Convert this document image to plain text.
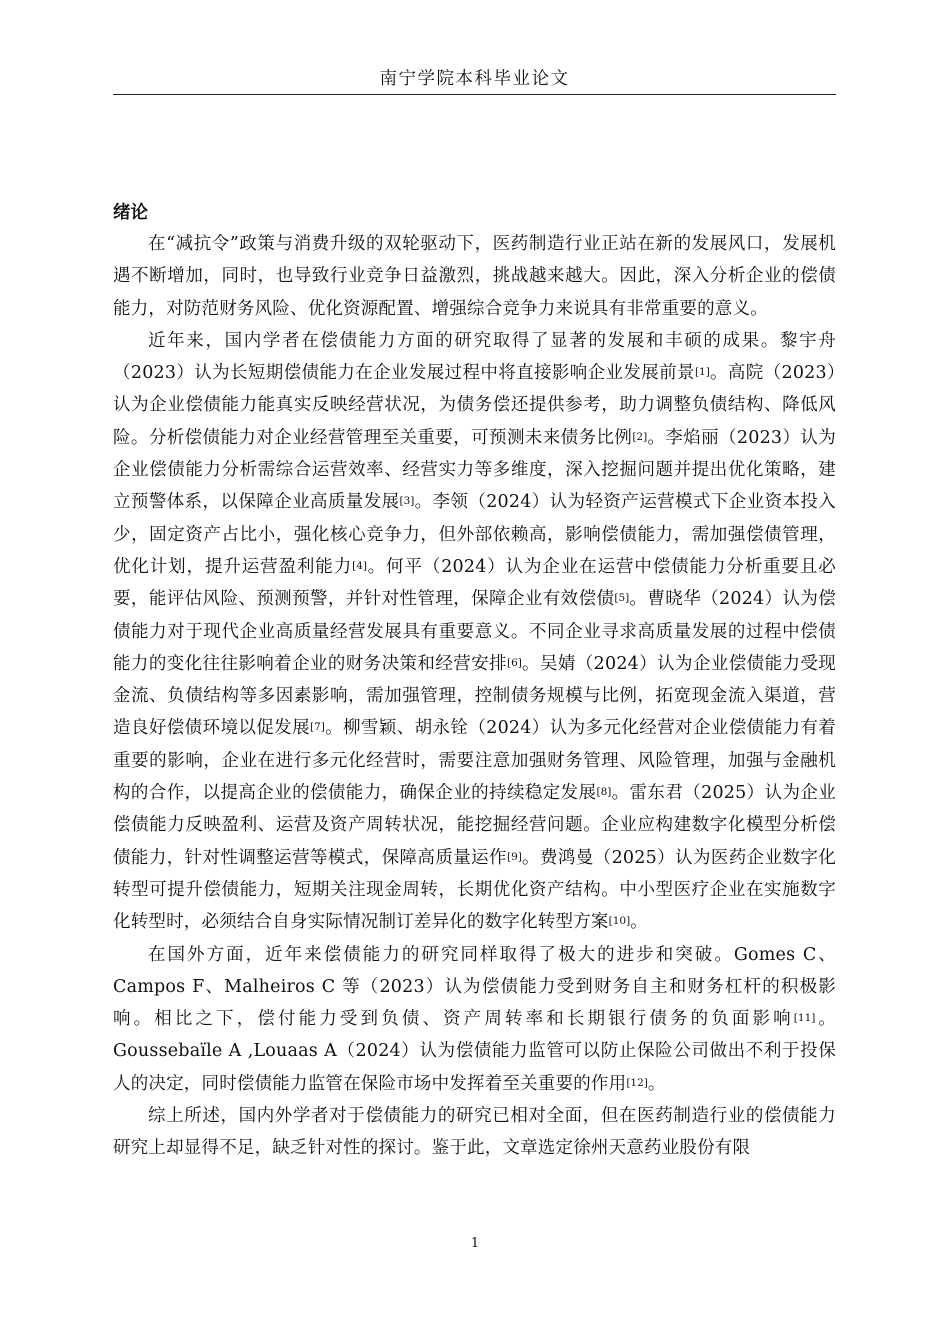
南宁学院本科毕业论文
绪论

在“减抗令”政策与消费升级的双轮驱动下，医药制造行业正站在新的发展风口，发展机遇不断增加，同时，也导致行业竞争日益激烈，挑战越来越大。因此，深入分析企业的偿债能力，对防范财务风险、优化资源配置、增强综合竞争力来说具有非常重要的意义。

近年来，国内学者在偿债能力方面的研究取得了显著的发展和丰硕的成果。黎宇舟（2023）认为长短期偿债能力在企业发展过程中将直接影响企业发展前景[1]。高院（2023）认为企业偿债能力能真实反映经营状况，为债务偿还提供参考，助力调整负债结构、降低风险。分析偿债能力对企业经营管理至关重要，可预测未来债务比例[2]。李焰丽（2023）认为企业偿债能力分析需综合运营效率、经营实力等多维度，深入挖掘问题并提出优化策略，建立预警体系，以保障企业高质量发展[3]。李领（2024）认为轻资产运营模式下企业资本投入少，固定资产占比小，强化核心竞争力，但外部依赖高，影响偿债能力，需加强偿债管理，优化计划，提升运营盈利能力[4]。何平（2024）认为企业在运营中偿债能力分析重要且必要，能评估风险、预测预警，并针对性管理，保障企业有效偿债[5]。曹晓华（2024）认为偿债能力对于现代企业高质量经营发展具有重要意义。不同企业寻求高质量发展的过程中偿债能力的变化往往影响着企业的财务决策和经营安排[6]。吴婧（2024）认为企业偿债能力受现金流、负债结构等多因素影响，需加强管理，控制债务规模与比例，拓宽现金流入渠道，营造良好偿债环境以促发展[7]。柳雪颖、胡永铨（2024）认为多元化经营对企业偿债能力有着重要的影响，企业在进行多元化经营时，需要注意加强财务管理、风险管理，加强与金融机构的合作，以提高企业的偿债能力，确保企业的持续稳定发展[8]。雷东君（2025）认为企业偿债能力反映盈利、运营及资产周转状况，能挖掘经营问题。企业应构建数字化模型分析偿债能力，针对性调整运营等模式，保障高质量运作[9]。费鸿曼（2025）认为医药企业数字化转型可提升偿债能力，短期关注现金周转，长期优化资产结构。中小型医疗企业在实施数字化转型时，必须结合自身实际情况制订差异化的数字化转型方案[10]。

在国外方面，近年来偿债能力的研究同样取得了极大的进步和突破。Gomes C、Campos F、Malheiros C 等（2023）认为偿债能力受到财务自主和财务杠杆的积极影响。相比之下，偿付能力受到负债、资产周转率和长期银行债务的负面影响[11]。Goussebaïle A ,Louaas A（2024）认为偿债能力监管可以防止保险公司做出不利于投保人的决定，同时偿债能力监管在保险市场中发挥着至关重要的作用[12]。

综上所述，国内外学者对于偿债能力的研究已相对全面，但在医药制造行业的偿债能力研究上却显得不足，缺乏针对性的探讨。鉴于此，文章选定徐州天意药业股份有限

1
